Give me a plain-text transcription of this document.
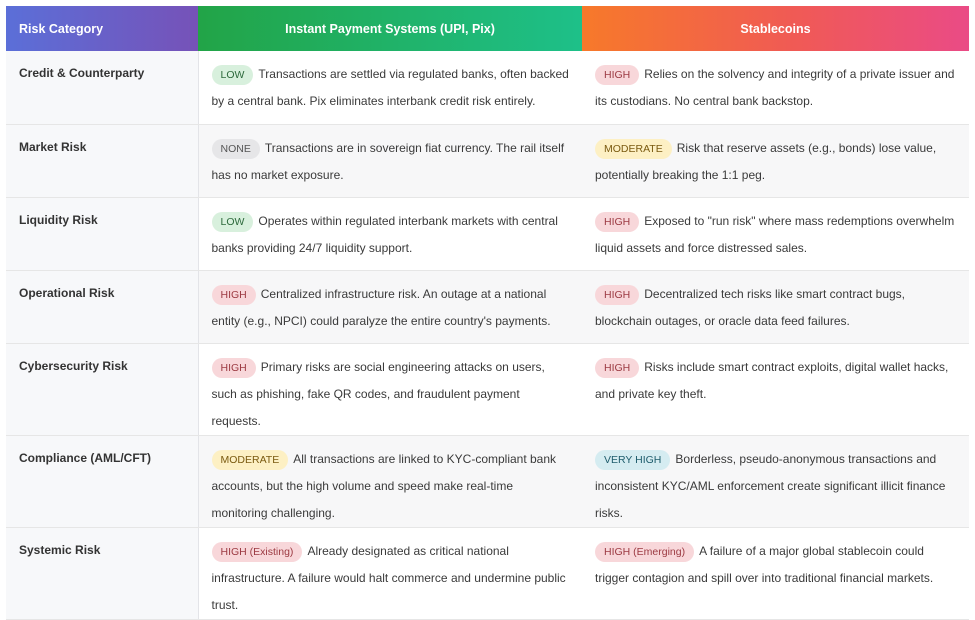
Risk Category	Instant Payment Systems (UPI, Pix)	Stablecoins
Credit & Counterparty	LOW Transactions are settled via regulated banks, often backed by a central bank. Pix eliminates interbank credit risk entirely.	HIGH Relies on the solvency and integrity of a private issuer and its custodians. No central bank backstop.
Market Risk	NONE Transactions are in sovereign fiat currency. The rail itself has no market exposure.	MODERATE Risk that reserve assets (e.g., bonds) lose value, potentially breaking the 1:1 peg.
Liquidity Risk	LOW Operates within regulated interbank markets with central banks providing 24/7 liquidity support.	HIGH Exposed to "run risk" where mass redemptions overwhelm liquid assets and force distressed sales.
Operational Risk	HIGH Centralized infrastructure risk. An outage at a national entity (e.g., NPCI) could paralyze the entire country's payments.	HIGH Decentralized tech risks like smart contract bugs, blockchain outages, or oracle data feed failures.
Cybersecurity Risk	HIGH Primary risks are social engineering attacks on users, such as phishing, fake QR codes, and fraudulent payment requests.	HIGH Risks include smart contract exploits, digital wallet hacks, and private key theft.
Compliance (AML/CFT)	MODERATE All transactions are linked to KYC-compliant bank accounts, but the high volume and speed make real-time monitoring challenging.	VERY HIGH Borderless, pseudo-anonymous transactions and inconsistent KYC/AML enforcement create significant illicit finance risks.
Systemic Risk	HIGH (Existing) Already designated as critical national infrastructure. A failure would halt commerce and undermine public trust.	HIGH (Emerging) A failure of a major global stablecoin could trigger contagion and spill over into traditional financial markets.
